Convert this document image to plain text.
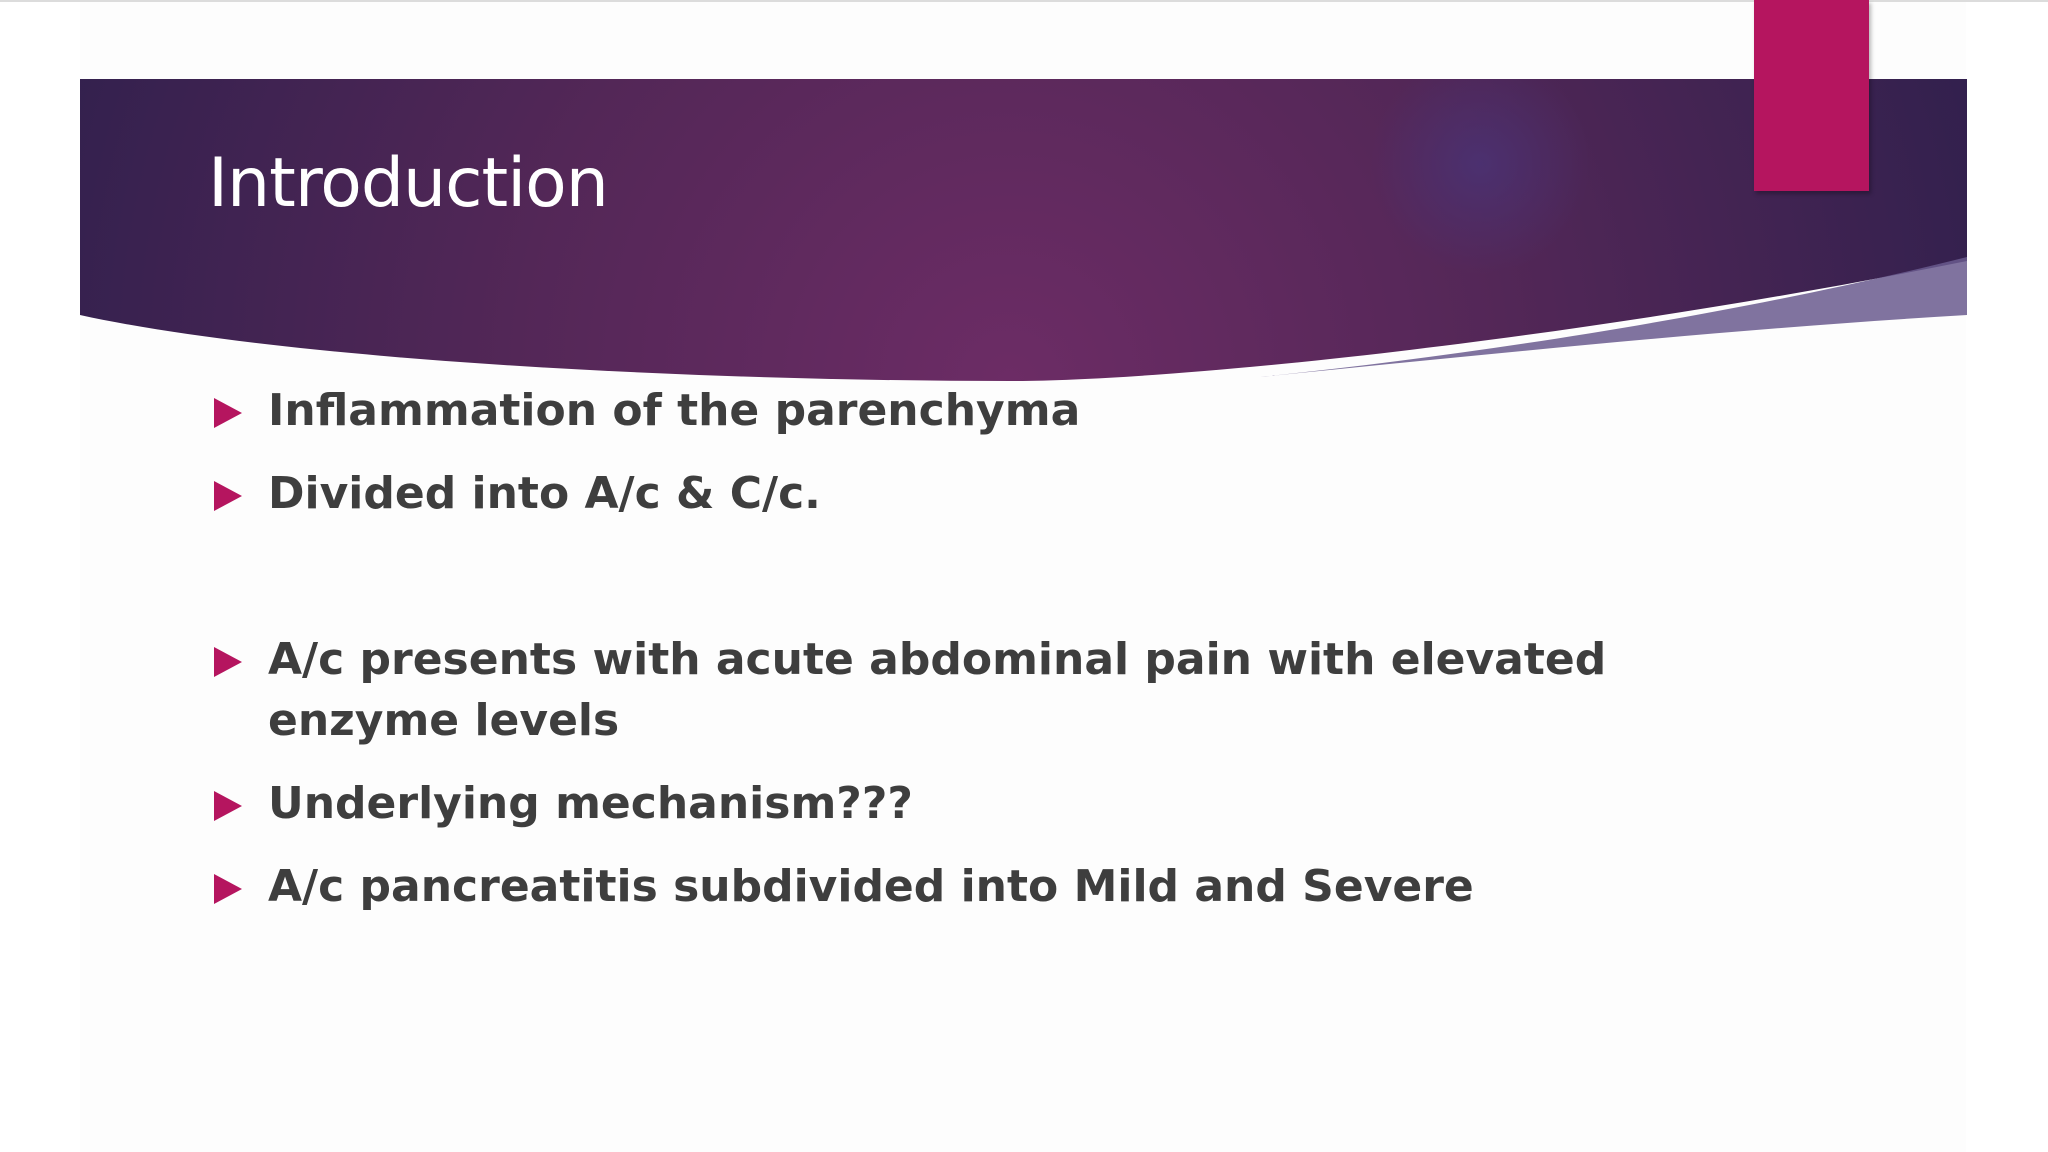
Introduction
Inflammation of the parenchyma
Divided into A/c & C/c.
A/c presents with acute abdominal pain with elevated enzyme levels
Underlying mechanism???
A/c pancreatitis subdivided into Mild and Severe
